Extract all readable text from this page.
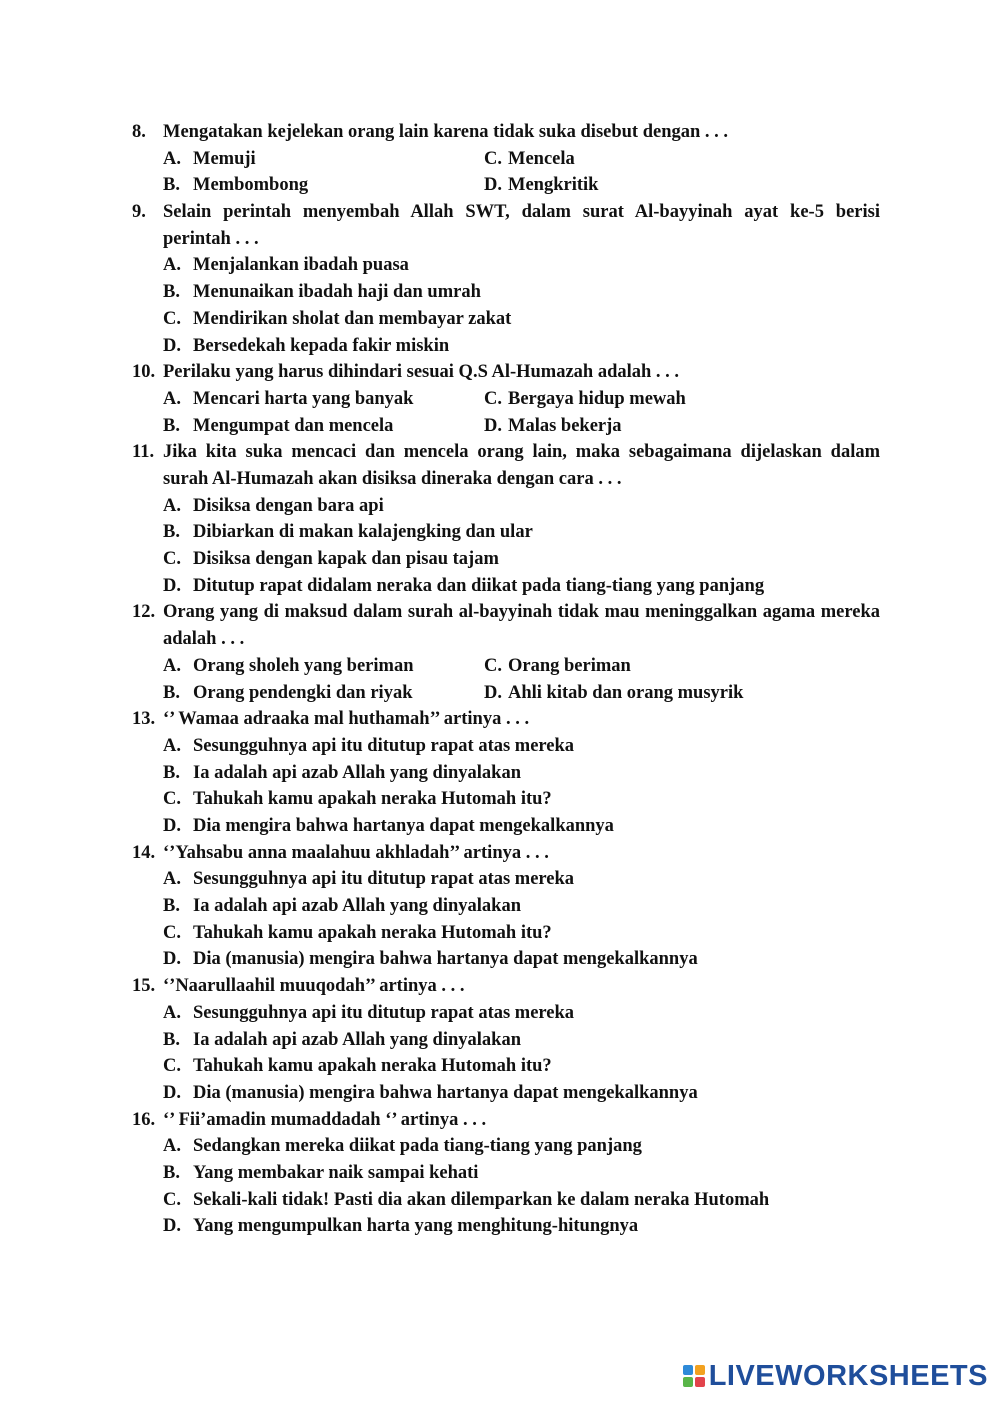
8. Mengatakan kejelekan orang lain karena tidak suka disebut dengan . . .
A. Memuji	C. Mencela
B. Membombong	D. Mengkritik
9. Selain perintah menyembah Allah SWT, dalam surat Al-bayyinah ayat ke-5 berisi perintah . . .
A. Menjalankan ibadah puasa
B. Menunaikan ibadah haji dan umrah
C. Mendirikan sholat dan membayar zakat
D. Bersedekah kepada fakir miskin
10. Perilaku yang harus dihindari sesuai Q.S Al-Humazah adalah . . .
A. Mencari harta yang banyak	C. Bergaya hidup mewah
B. Mengumpat dan mencela	D. Malas bekerja
11. Jika kita suka mencaci dan mencela orang lain, maka sebagaimana dijelaskan dalam surah Al-Humazah akan disiksa dineraka dengan cara . . .
A. Disiksa dengan bara api
B. Dibiarkan di makan kalajengking dan ular
C. Disiksa dengan kapak dan pisau tajam
D. Ditutup rapat didalam neraka dan diikat pada tiang-tiang yang panjang
12. Orang yang di maksud dalam surah al-bayyinah tidak mau meninggalkan agama mereka adalah . . .
A. Orang sholeh yang beriman	C. Orang beriman
B. Orang pendengki dan riyak	D. Ahli kitab dan orang musyrik
13. ‘’ Wamaa adraaka mal huthamah’’ artinya . . .
A. Sesungguhnya api itu ditutup rapat atas mereka
B. Ia adalah api azab Allah yang dinyalakan
C. Tahukah kamu apakah neraka Hutomah itu?
D. Dia mengira bahwa hartanya dapat mengekalkannya
14. ‘’Yahsabu anna maalahuu akhladah’’ artinya . . .
A. Sesungguhnya api itu ditutup rapat atas mereka
B. Ia adalah api azab Allah yang dinyalakan
C. Tahukah kamu apakah neraka Hutomah itu?
D. Dia (manusia) mengira bahwa hartanya dapat mengekalkannya
15. ‘’Naarullaahil muuqodah’’ artinya . . .
A. Sesungguhnya api itu ditutup rapat atas mereka
B. Ia adalah api azab Allah yang dinyalakan
C. Tahukah kamu apakah neraka Hutomah itu?
D. Dia (manusia) mengira bahwa hartanya dapat mengekalkannya
16. ‘’ Fii’amadin mumaddadah ‘’ artinya . . .
A. Sedangkan mereka diikat pada tiang-tiang yang panjang
B. Yang membakar naik sampai kehati
C. Sekali-kali tidak! Pasti dia akan dilemparkan ke dalam neraka Hutomah
D. Yang mengumpulkan harta yang menghitung-hitungnya
LIVEWORKSHEETS
